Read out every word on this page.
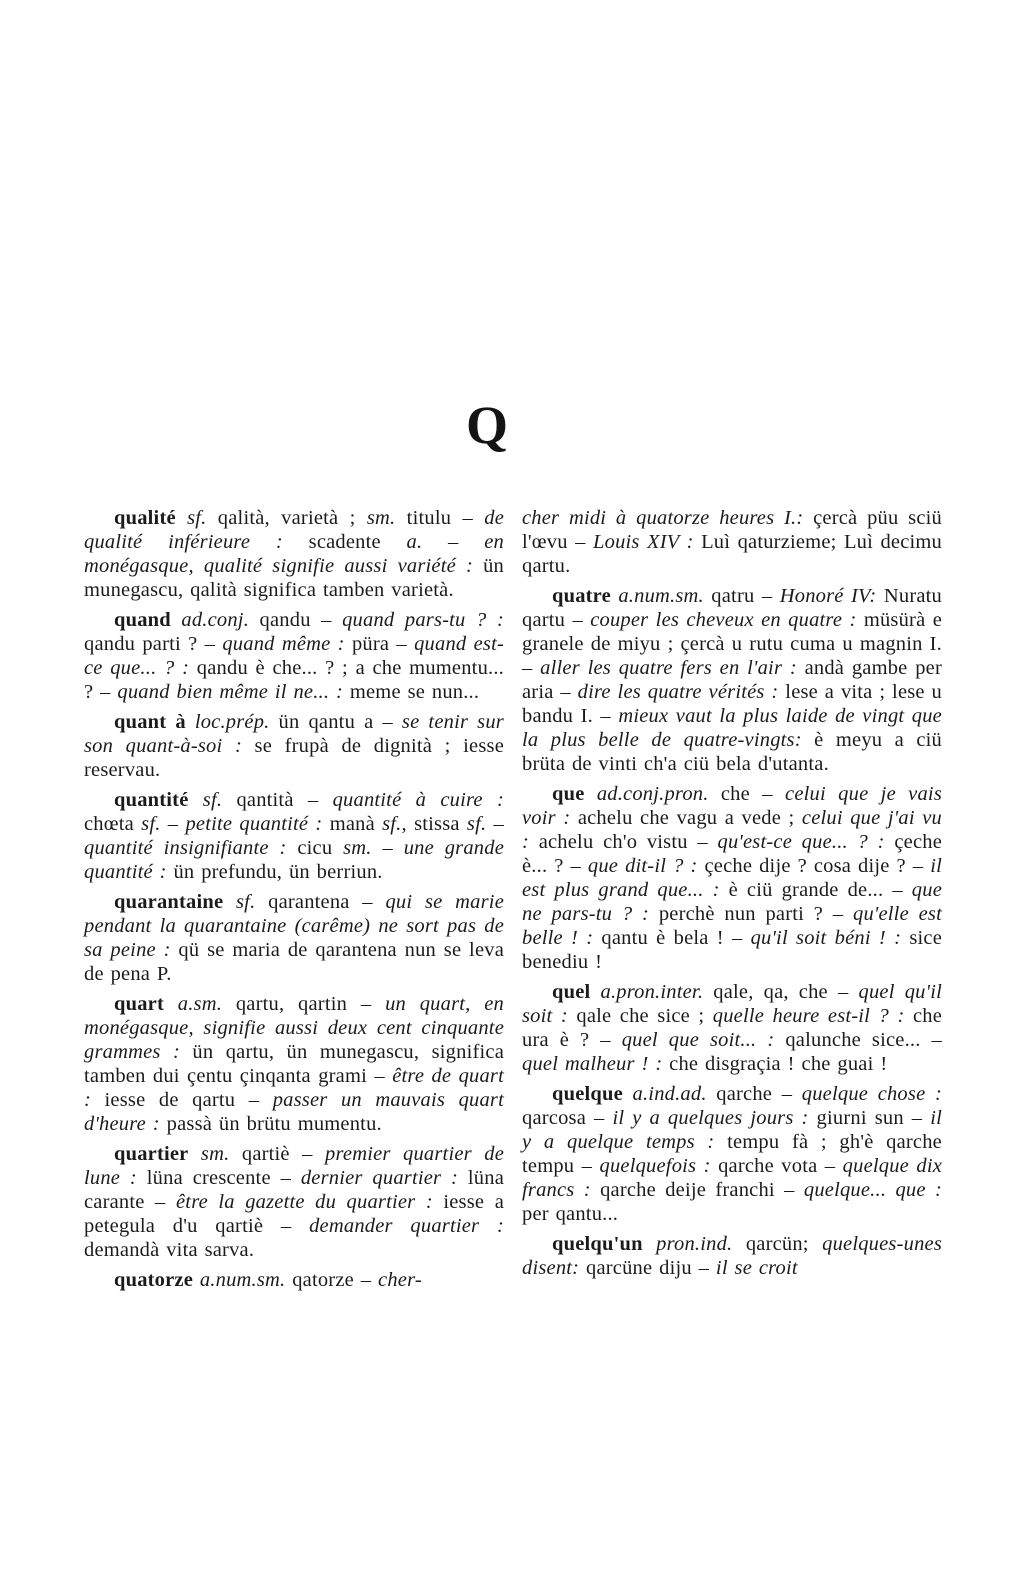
Q

qualité sf. qalità, varietà ; sm. titulu – de qualité inférieure : scadente a. – en monégasque, qualité signifie aussi variété : ün munegascu, qalità significa tamben varietà.

quand ad.conj. qandu – quand pars-tu ? : qandu parti ? – quand même : püra – quand est-ce que... ? : qandu è che... ? ; a che mumentu... ? – quand bien même il ne... : meme se nun...

quant à loc.prép. ün qantu a – se tenir sur son quant-à-soi : se frupà de dignità ; iesse reservau.

quantité sf. qantità – quantité à cuire : chœta sf. – petite quantité : manà sf., stissa sf. – quantité insignifiante : cicu sm. – une grande quantité : ün prefundu, ün berriun.

quarantaine sf. qarantena – qui se marie pendant la quarantaine (carême) ne sort pas de sa peine : qü se maria de qarantena nun se leva de pena P.

quart a.sm. qartu, qartin – un quart, en monégasque, signifie aussi deux cent cinquante grammes : ün qartu, ün munegascu, significa tamben dui çentu çinqanta grami – être de quart : iesse de qartu – passer un mauvais quart d'heure : passà ün brütu mumentu.

quartier sm. qartiè – premier quartier de lune : lüna crescente – dernier quartier : lüna carante – être la gazette du quartier : iesse a petegula d'u qartiè – demander quartier : demandà vita sarva.

quatorze a.num.sm. qatorze – cher-

cher midi à quatorze heures I.: çercà püu sciü l'œvu – Louis XIV : Luì qaturzieme; Luì decimu qartu.

quatre a.num.sm. qatru – Honoré IV: Nuratu qartu – couper les cheveux en quatre : müsürà e granele de miyu ; çercà u rutu cuma u magnin I. – aller les quatre fers en l'air : andà gambe per aria – dire les quatre vérités : lese a vita ; lese u bandu I. – mieux vaut la plus laide de vingt que la plus belle de quatre-vingts: è meyu a ciü brüta de vinti ch'a ciü bela d'utanta.

que ad.conj.pron. che – celui que je vais voir : achelu che vagu a vede ; celui que j'ai vu : achelu ch'o vistu – qu'est-ce que... ? : çeche è... ? – que dit-il ? : çeche dije ? cosa dije ? – il est plus grand que... : è ciü grande de... – que ne pars-tu ? : perchè nun parti ? – qu'elle est belle ! : qantu è bela ! – qu'il soit béni ! : sice benediu !

quel a.pron.inter. qale, qa, che – quel qu'il soit : qale che sice ; quelle heure est-il ? : che ura è ? – quel que soit... : qalunche sice... – quel malheur ! : che disgraçia ! che guai !

quelque a.ind.ad. qarche – quelque chose : qarcosa – il y a quelques jours : giurni sun – il y a quelque temps : tempu fà ; gh'è qarche tempu – quelquefois : qarche vota – quelque dix francs : qarche deije franchi – quelque... que : per qantu...

quelqu'un pron.ind. qarcün; quelques-unes disent: qarcüne diju – il se croit
